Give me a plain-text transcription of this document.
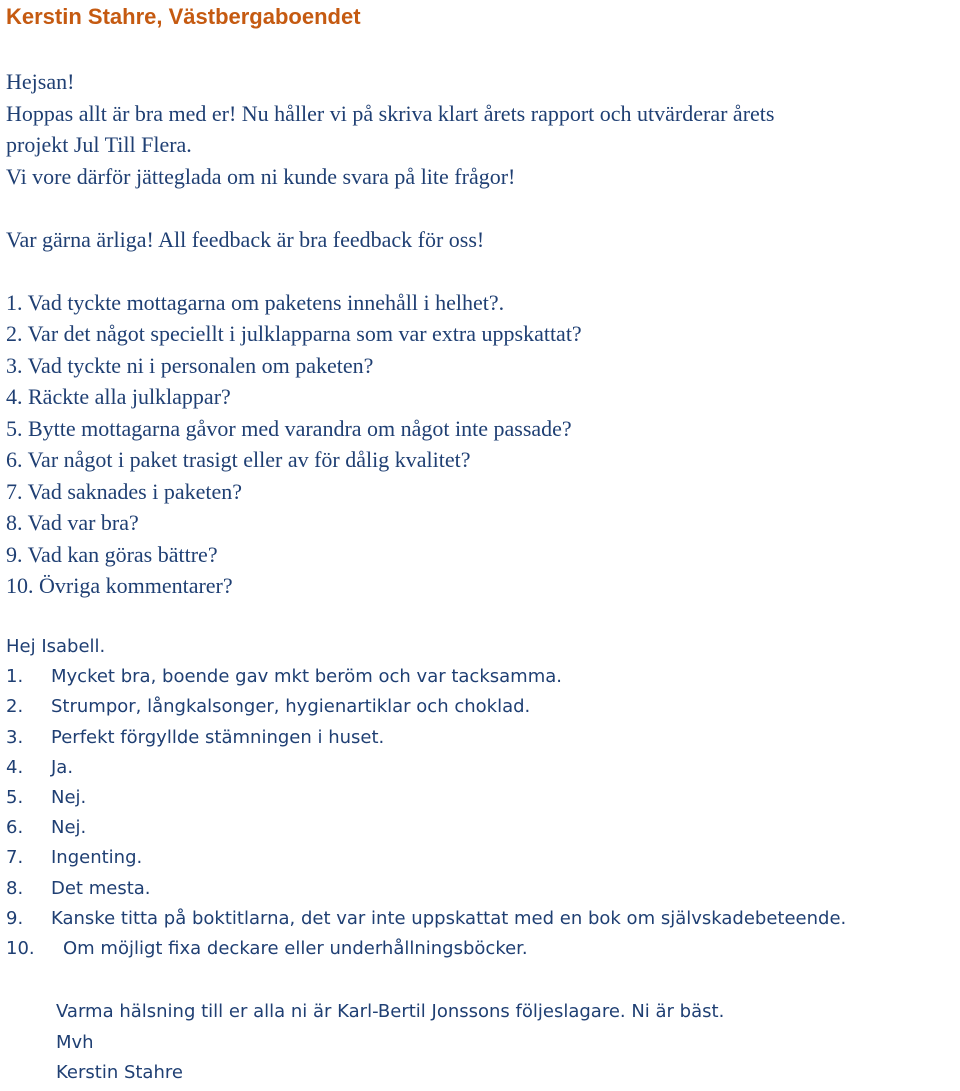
Kerstin Stahre, Västbergaboendet
Hejsan!
Hoppas allt är bra med er! Nu håller vi på skriva klart årets rapport och utvärderar årets
projekt Jul Till Flera.
Vi vore därför jätteglada om ni kunde svara på lite frågor!
Var gärna ärliga! All feedback är bra feedback för oss!
1. Vad tyckte mottagarna om paketens innehåll i helhet?.
2. Var det något speciellt i julklapparna som var extra uppskattat?
3. Vad tyckte ni i personalen om paketen?
4. Räckte alla julklappar?
5. Bytte mottagarna gåvor med varandra om något inte passade?
6. Var något i paket trasigt eller av för dålig kvalitet?
7. Vad saknades i paketen?
8. Vad var bra?
9. Vad kan göras bättre?
10. Övriga kommentarer?
Hej Isabell.
1.	Mycket bra, boende gav mkt beröm och var tacksamma.
2.	Strumpor, långkalsonger, hygienartiklar och choklad.
3.	Perfekt förgyllde stämningen i huset.
4.	Ja.
5.	Nej.
6.	Nej.
7.	Ingenting.
8.	Det mesta.
9.	Kanske titta på boktitlarna, det var inte uppskattat med en bok om självskadebeteende.
10.	Om möjligt fixa deckare eller underhållningsböcker.
Varma hälsning till er alla ni är Karl-Bertil Jonssons följeslagare. Ni är bäst.
Mvh
Kerstin Stahre
